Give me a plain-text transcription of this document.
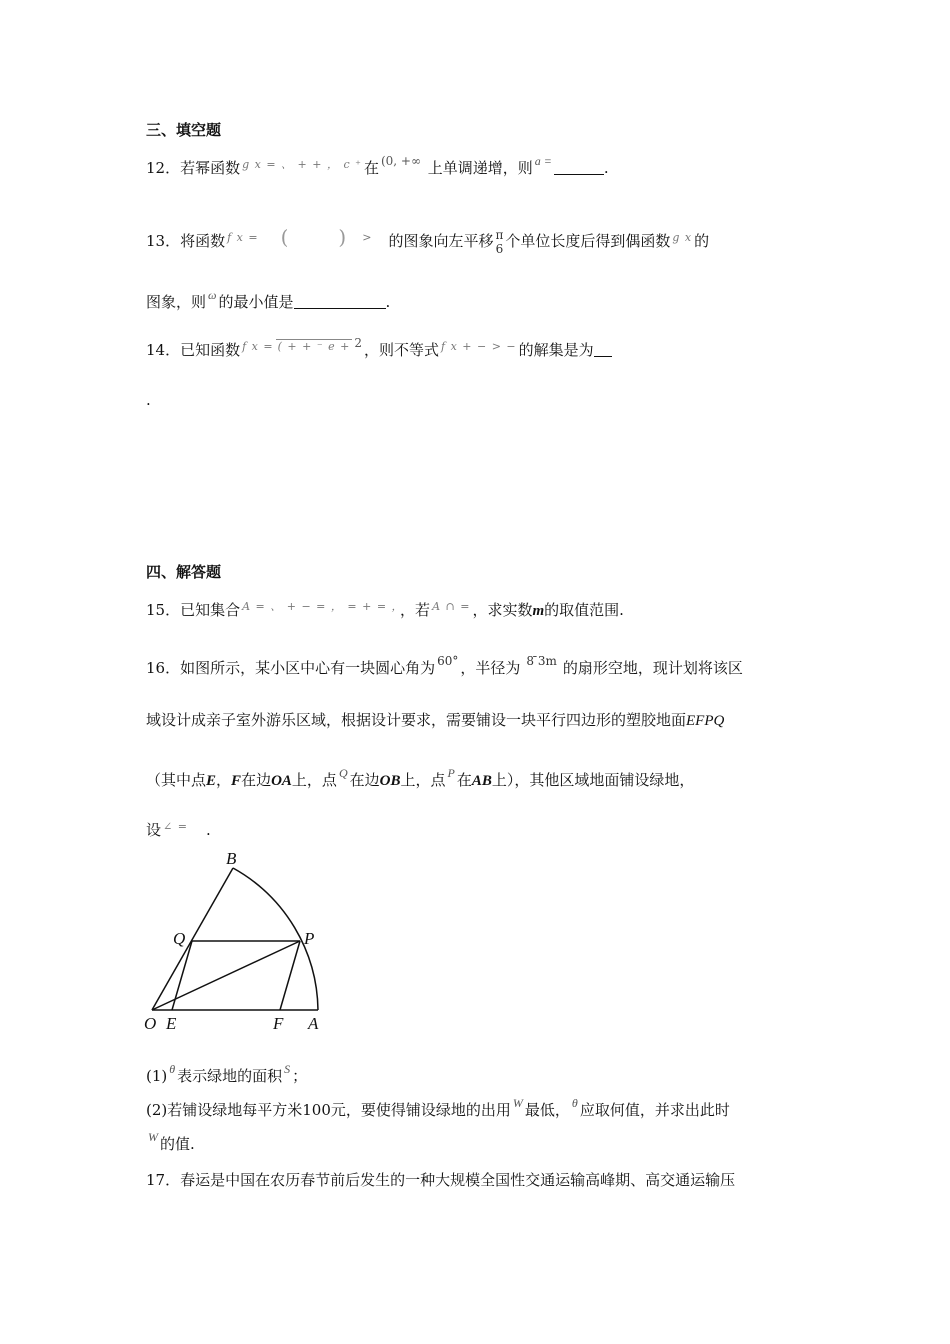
三、填空题
12．若幂函数 $^{g x = 、 + + , c ^+}$ 在 $^{(0, +\infty}$ 上单调递增，则 $^{a =}$	.
13．将函数 $^{f x =}$ (	) > 的图象向左平移 π
6 个单位长度后得到偶函数 $^{g x}$ 的
图象，则 $^\omega$ 的最小值是	.
14．已知函数 $^{f x =}$ $^{( + + ^- e +}$ $^2$ ，则不等式 $^{f x + - > -}$ 的解集是为
.
四、解答题
15．已知集合 $^{A = 、 + - = , = + = ,}$ ，若 $^{A \cap =}$ ，求实数m的取值范围.
16．如图所示，某小区中心有一块圆心角为 $^{60^\circ}$ ，半径为 $^{8 ̄3m}$ 的扇形空地，现计划将该区
域设计成亲子室外游乐区域，根据设计要求，需要铺设一块平行四边形的塑胶地面EFPQ
（其中点E，F在边OA上，点 $^Q$ 在边OB上，点 $^P$ 在AB上），其他区域地面铺设绿地，
设 ∠ = .
B
Q	P
O E	F A
(1) $^\theta$ 表示绿地的面积 $^S$ ；
(2)若铺设绿地每平方米100元，要使得铺设绿地的出用 $^W$ 最低， $^\theta$ 应取何值，并求出此时
$^W$ 的值.
17．春运是中国在农历春节前后发生的一种大规模全国性交通运输高峰期、高交通运输压
